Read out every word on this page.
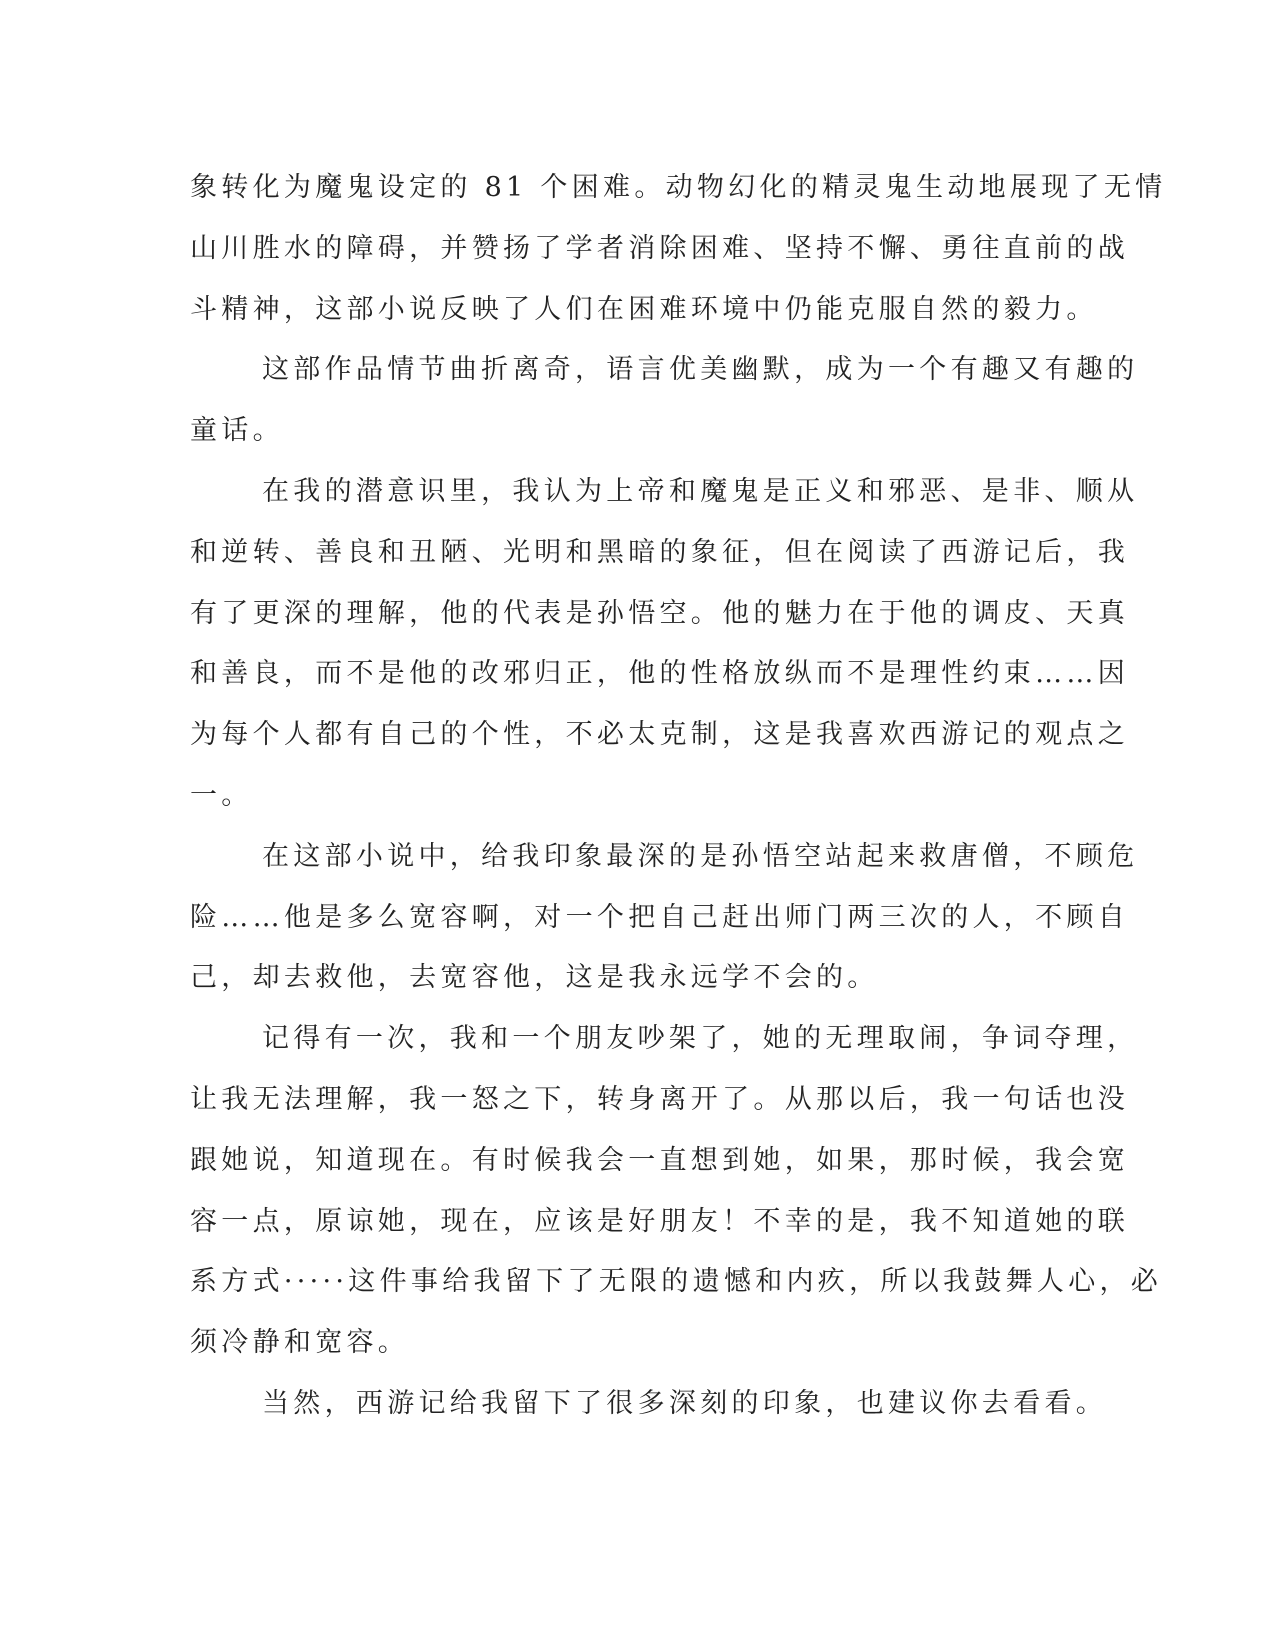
象转化为魔鬼设定的 81 个困难。动物幻化的精灵鬼生动地展现了无情
山川胜水的障碍，并赞扬了学者消除困难、坚持不懈、勇往直前的战
斗精神，这部小说反映了人们在困难环境中仍能克服自然的毅力。

这部作品情节曲折离奇，语言优美幽默，成为一个有趣又有趣的
童话。

在我的潜意识里，我认为上帝和魔鬼是正义和邪恶、是非、顺从
和逆转、善良和丑陋、光明和黑暗的象征，但在阅读了西游记后，我
有了更深的理解，他的代表是孙悟空。他的魅力在于他的调皮、天真
和善良，而不是他的改邪归正，他的性格放纵而不是理性约束……因
为每个人都有自己的个性，不必太克制，这是我喜欢西游记的观点之
一。

在这部小说中，给我印象最深的是孙悟空站起来救唐僧，不顾危
险……他是多么宽容啊，对一个把自己赶出师门两三次的人，不顾自
己，却去救他，去宽容他，这是我永远学不会的。

记得有一次，我和一个朋友吵架了，她的无理取闹，争词夺理，
让我无法理解，我一怒之下，转身离开了。从那以后，我一句话也没
跟她说，知道现在。有时候我会一直想到她，如果，那时候，我会宽
容一点，原谅她，现在，应该是好朋友！不幸的是，我不知道她的联
系方式·····这件事给我留下了无限的遗憾和内疚，所以我鼓舞人心，必
须冷静和宽容。

当然，西游记给我留下了很多深刻的印象，也建议你去看看。
